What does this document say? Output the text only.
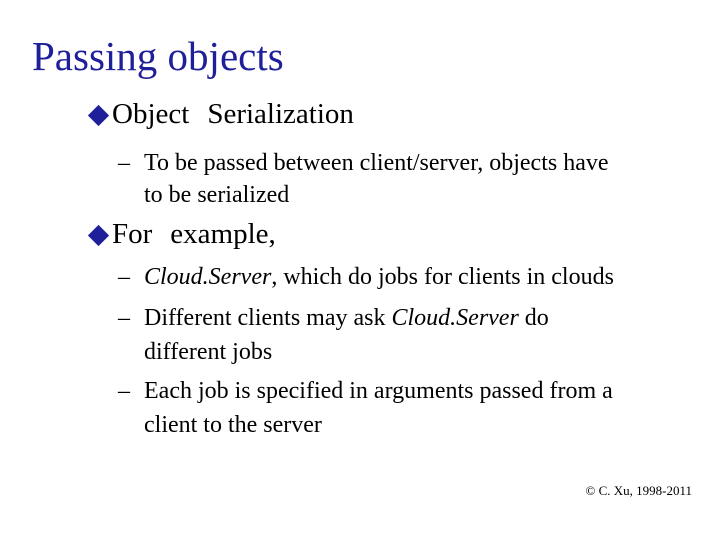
Passing objects
Object Serialization
– To be passed between client/server, objects have
to be serialized
For example,
– Cloud.Server, which do jobs for clients in clouds
– Different clients may ask Cloud.Server do
different jobs
– Each job is specified in arguments passed from a
client to the server
© C. Xu, 1998-2011
